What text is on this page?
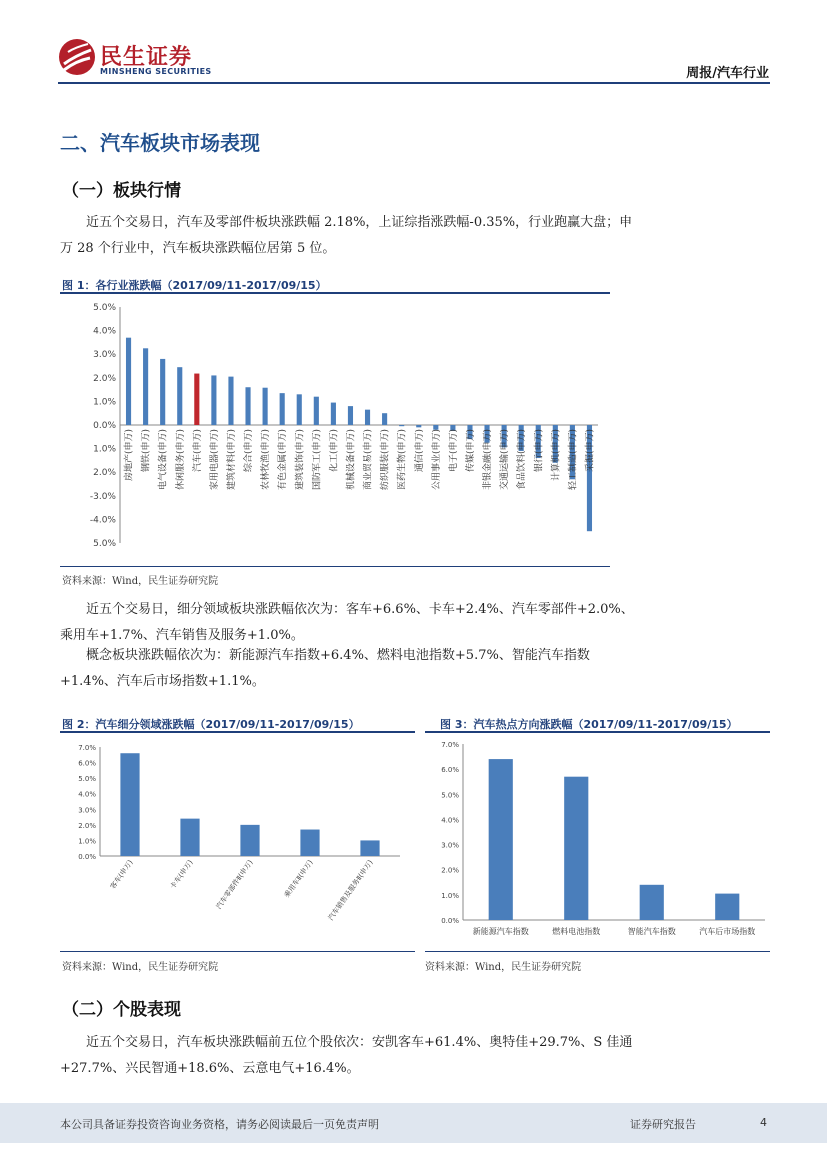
民生证券
MINSHENG SECURITIES	周报/汽车行业
二、汽车板块市场表现
（一）板块行情
近五个交易日，汽车及零部件板块涨跌幅 2.18%，上证综指涨跌幅-0.35%，行业跑赢大盘；申万 28 个行业中，汽车板块涨跌幅位居第 5 位。
图 1：各行业涨跌幅（2017/09/11-2017/09/15）
5.0%
4.0%
3.0%
2.0%
1.0%
0.0%
1.0%
2.0%
-3.0%
-4.0%
5.0%
房地产(申万) 钢铁(申万) 电气设备(申万) 休闲服务(申万) 汽车(申万) 家用电器(申万) 建筑材料(申万) 综合(申万) 农林牧渔(申万) 有色金属(申万) 建筑装饰(申万) 国防军工(申万) 化工(申万) 机械设备(申万) 商业贸易(申万) 纺织服装(申万) 医药生物(申万) 通信(申万) 公用事业(申万) 电子(申万) 传媒(申万) 非银金融(申万) 交通运输(申万) 食品饮料(申万) 银行(申万) 计算机(申万) 轻工制造(申万) 采掘(申万)
资料来源：Wind，民生证券研究院
近五个交易日，细分领域板块涨跌幅依次为：客车+6.6%、卡车+2.4%、汽车零部件+2.0%、乘用车+1.7%、汽车销售及服务+1.0%。
概念板块涨跌幅依次为：新能源汽车指数+6.4%、燃料电池指数+5.7%、智能汽车指数+1.4%、汽车后市场指数+1.1%。
图 2：汽车细分领域涨跌幅（2017/09/11-2017/09/15）
7.0%
6.0%
5.0%
4.0%
3.0%
2.0%
1.0%
0.0%
客车(申万)	卡车(申万)	汽车零部件Ⅱ(申万)	乘用车Ⅱ(申万) 汽车销售及服务Ⅱ(申万)
资料来源：Wind，民生证券研究院
图 3：汽车热点方向涨跌幅（2017/09/11-2017/09/15）
7.0%
6.0%
5.0%
4.0%
3.0%
2.0%
1.0%
0.0%
新能源汽车指数	燃料电池指数	智能汽车指数	汽车后市场指数
资料来源：Wind，民生证券研究院
（二）个股表现
近五个交易日，汽车板块涨跌幅前五位个股依次：安凯客车+61.4%、奥特佳+29.7%、S 佳通+27.7%、兴民智通+18.6%、云意电气+16.4%。
本公司具备证券投资咨询业务资格，请务必阅读最后一页免责声明	证券研究报告	4
